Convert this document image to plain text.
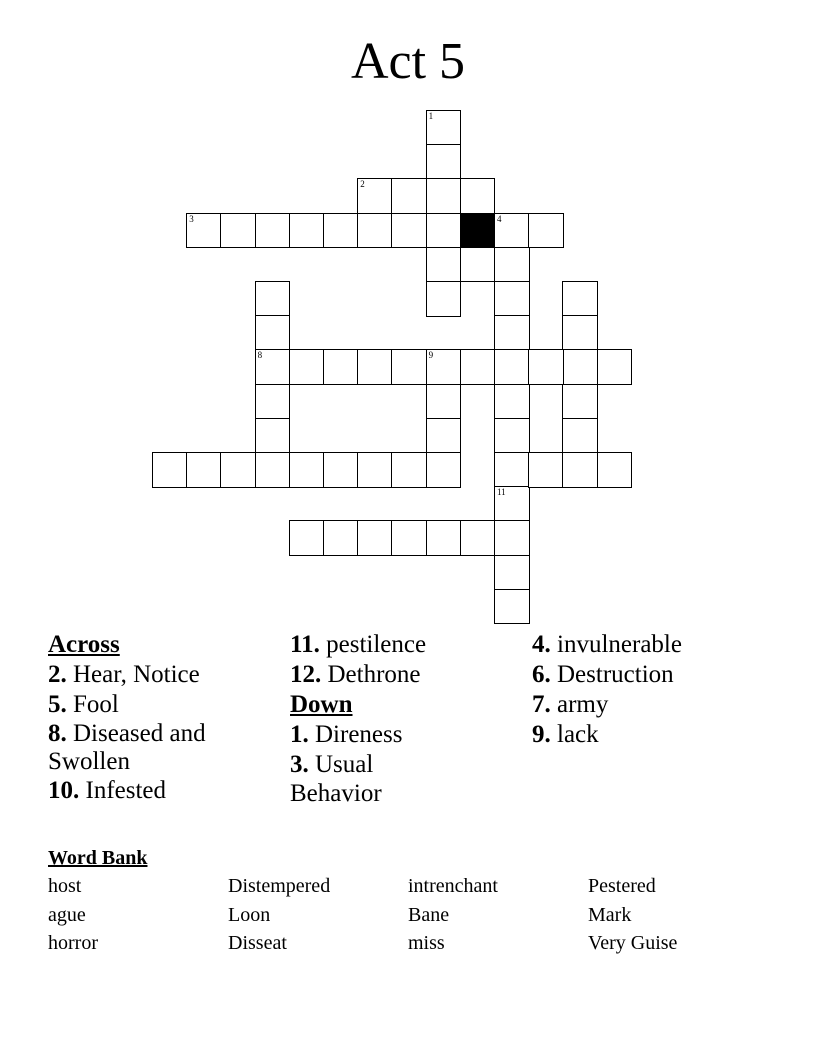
Act 5
1
2
3	4
8
11
9
Across
2. Hear, Notice
5. Fool
8. Diseased and Swollen
10. Infested
11. pestilence
12. Dethrone
Down
1. Direness
3. Usual Behavior
4. invulnerable
6. Destruction
7. army
9. lack
Word Bank
host	Distempered	intrenchant	Pestered
ague	Loon	Bane	Mark
horror	Disseat	miss	Very Guise
